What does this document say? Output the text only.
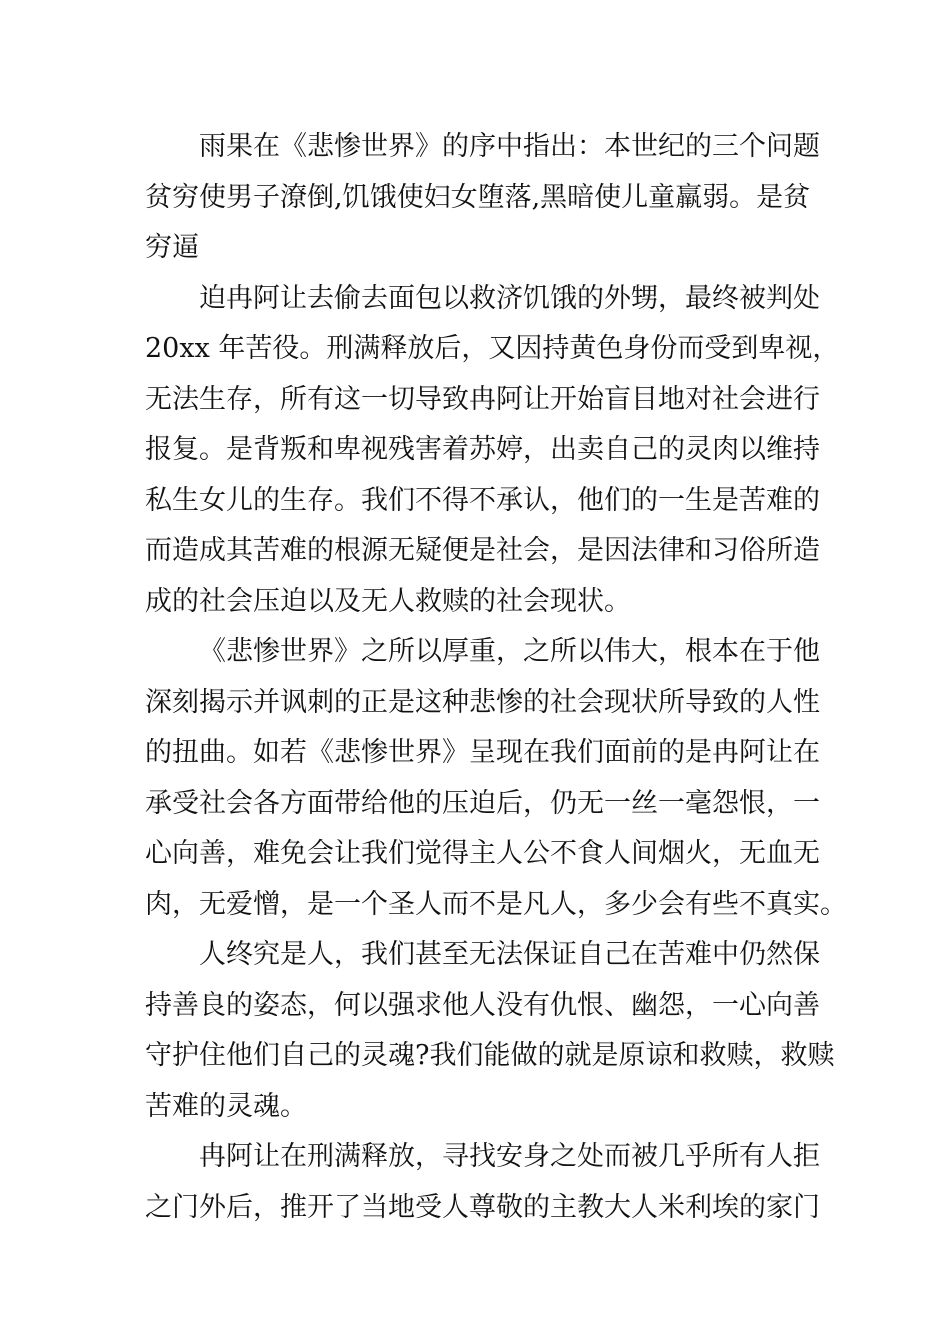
雨果在《悲惨世界》的序中指出：本世纪的三个问题
贫穷使男子潦倒,饥饿使妇女堕落,黑暗使儿童羸弱。是贫
穷逼
迫冉阿让去偷去面包以救济饥饿的外甥，最终被判处
20xx 年苦役。刑满释放后，又因持黄色身份而受到卑视，
无法生存，所有这一切导致冉阿让开始盲目地对社会进行
报复。是背叛和卑视残害着苏婷，出卖自己的灵肉以维持
私生女儿的生存。我们不得不承认，他们的一生是苦难的
而造成其苦难的根源无疑便是社会，是因法律和习俗所造
成的社会压迫以及无人救赎的社会现状。
《悲惨世界》之所以厚重，之所以伟大，根本在于他
深刻揭示并讽刺的正是这种悲惨的社会现状所导致的人性
的扭曲。如若《悲惨世界》呈现在我们面前的是冉阿让在
承受社会各方面带给他的压迫后，仍无一丝一毫怨恨，一
心向善，难免会让我们觉得主人公不食人间烟火，无血无
肉，无爱憎，是一个圣人而不是凡人，多少会有些不真实。
人终究是人，我们甚至无法保证自己在苦难中仍然保
持善良的姿态，何以强求他人没有仇恨、幽怨，一心向善
守护住他们自己的灵魂?我们能做的就是原谅和救赎，救赎
苦难的灵魂。
冉阿让在刑满释放，寻找安身之处而被几乎所有人拒
之门外后，推开了当地受人尊敬的主教大人米利埃的家门
